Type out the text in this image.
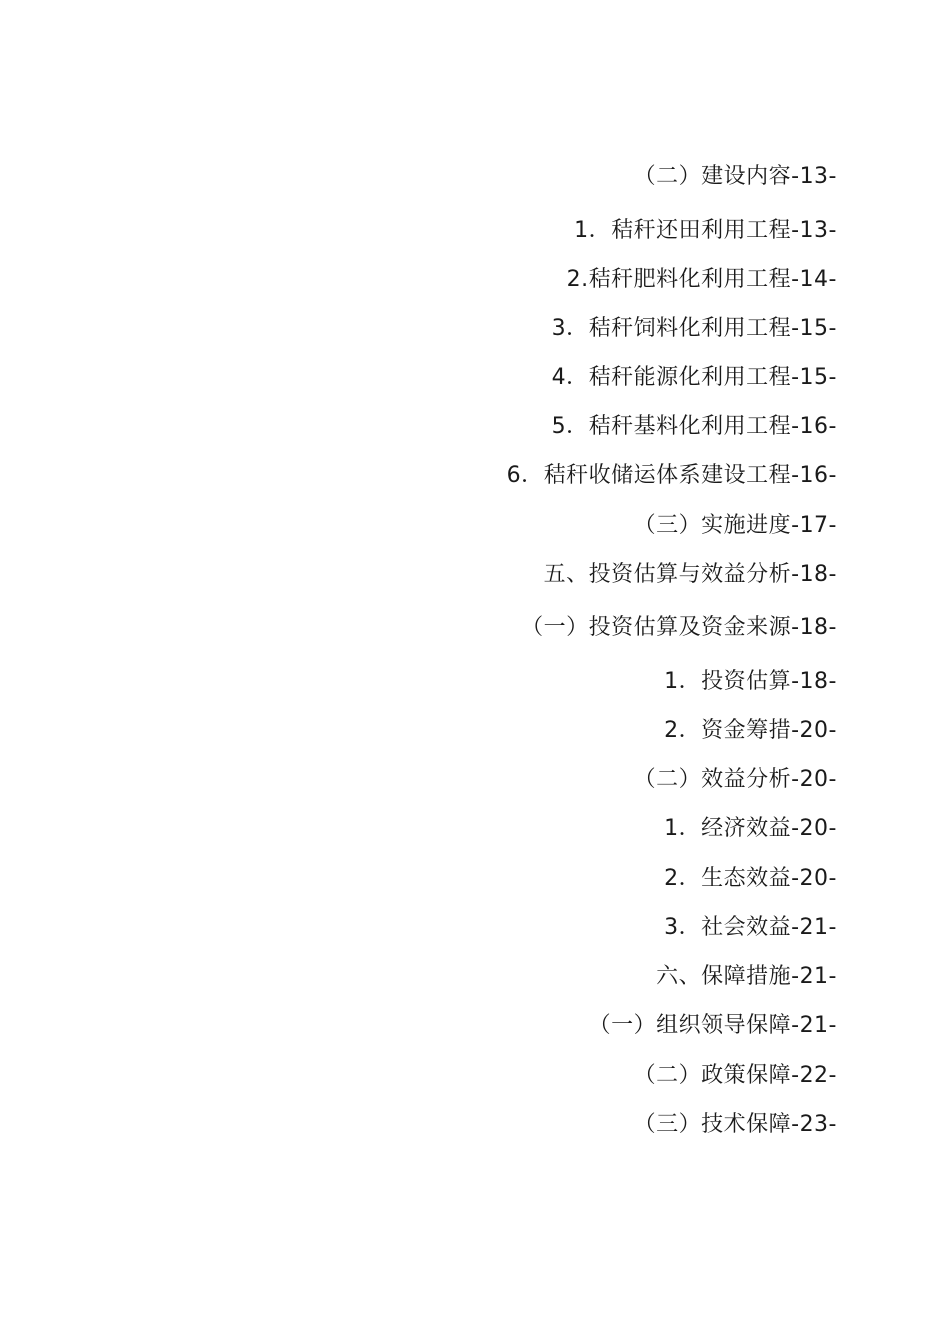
（二）建设内容-13-
1．秸秆还田利用工程-13-
2.秸秆肥料化利用工程-14-
3．秸秆饲料化利用工程-15-
4．秸秆能源化利用工程-15-
5．秸秆基料化利用工程-16-
6．秸秆收储运体系建设工程-16-
（三）实施进度-17-
五、投资估算与效益分析-18-
（一）投资估算及资金来源-18-
1．投资估算-18-
2．资金筹措-20-
（二）效益分析-20-
1．经济效益-20-
2．生态效益-20-
3．社会效益-21-
六、保障措施-21-
（一）组织领导保障-21-
（二）政策保障-22-
（三）技术保障-23-
